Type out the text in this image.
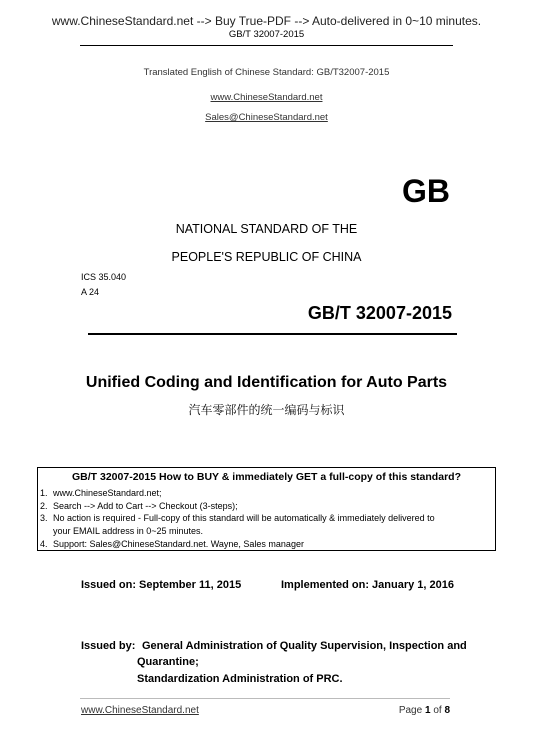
www.ChineseStandard.net --> Buy True-PDF --> Auto-delivered in 0~10 minutes.
GB/T 32007-2015
Translated English of Chinese Standard: GB/T32007-2015
www.ChineseStandard.net
Sales@ChineseStandard.net
GB
NATIONAL STANDARD OF THE
PEOPLE'S REPUBLIC OF CHINA
ICS 35.040
A 24
GB/T 32007-2015
Unified Coding and Identification for Auto Parts
汽车零部件的统一编码与标识
GB/T 32007-2015 How to BUY & immediately GET a full-copy of this standard?
1. www.ChineseStandard.net;
2. Search --> Add to Cart --> Checkout (3-steps);
3. No action is required - Full-copy of this standard will be automatically & immediately delivered to
your EMAIL address in 0~25 minutes.
4. Support: Sales@ChineseStandard.net. Wayne, Sales manager
Issued on: September 11, 2015	Implemented on: January 1, 2016
Issued by: General Administration of Quality Supervision, Inspection and
Quarantine;
Standardization Administration of PRC.
www.ChineseStandard.net	Page 1 of 8
